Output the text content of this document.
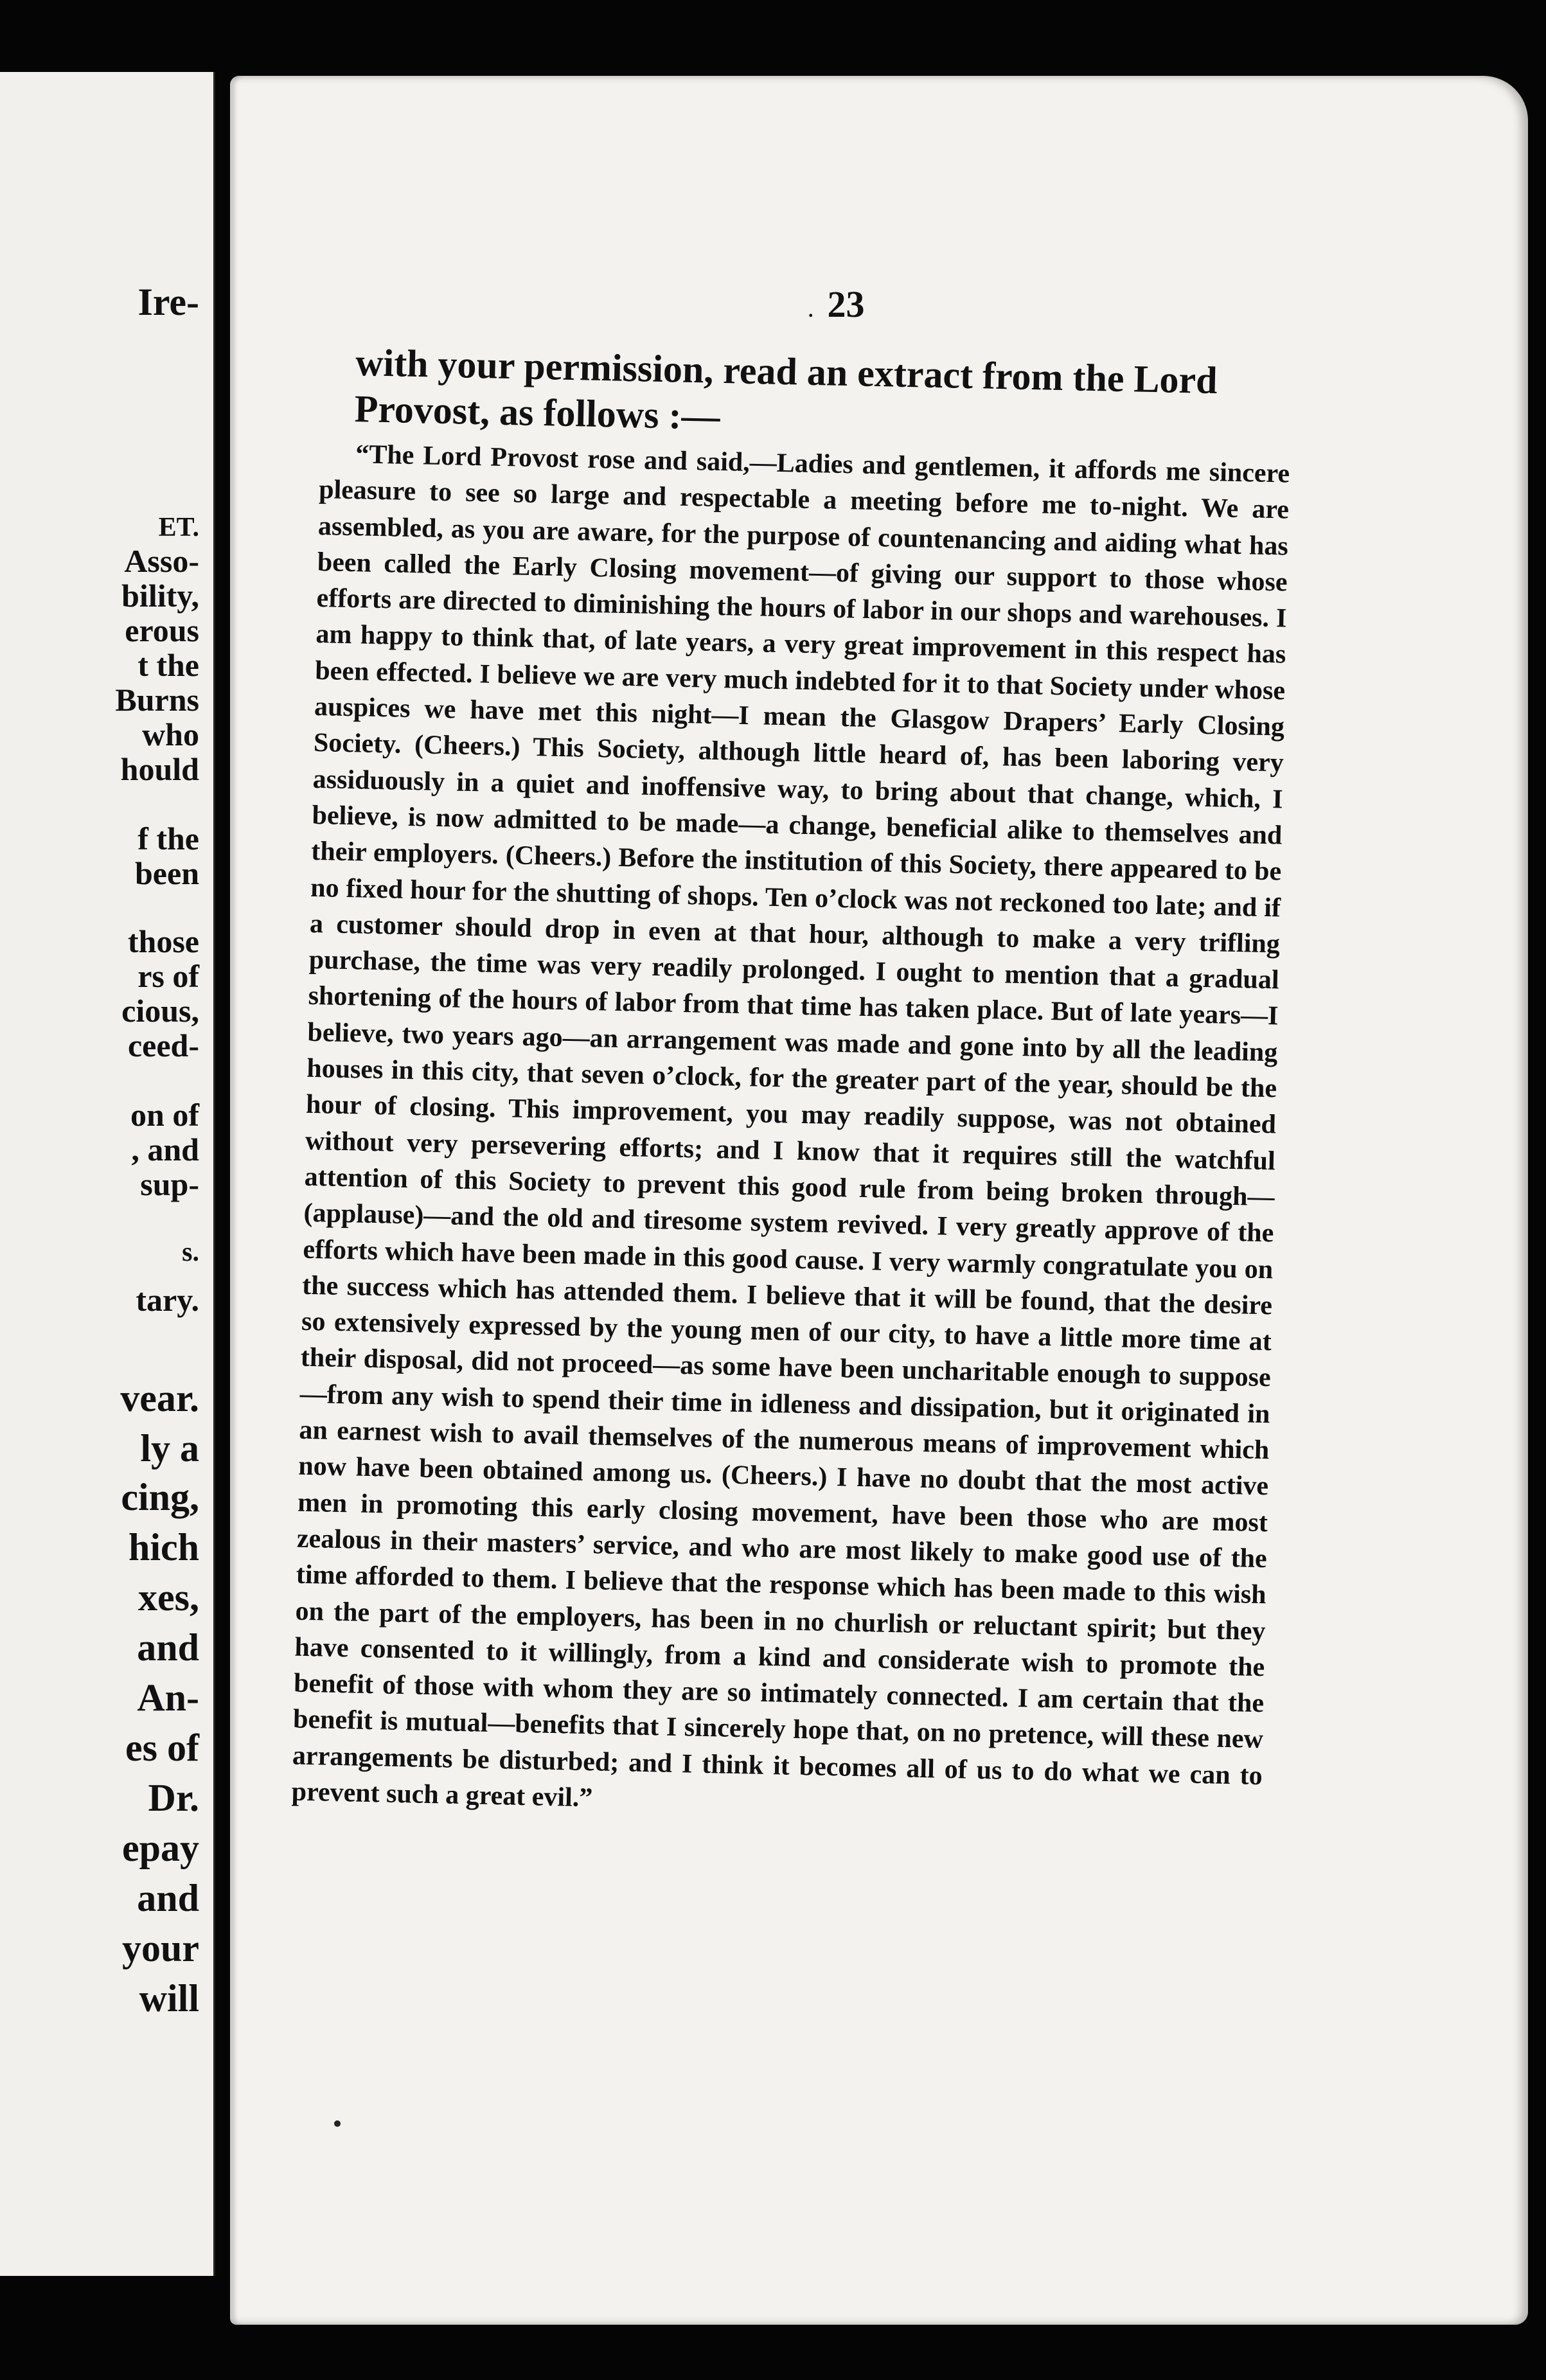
Ire-
ET.
Asso-
bility,
erous
t the
Burns
who
hould
f the
been
those
rs of
cious,
ceed-
on of
, and
sup-
s.
tary.
vear.
ly a
cing,
hich
xes,
and
An-
es of
Dr.
epay
and
your
will
. 23
with your permission, read an extract from the Lord Provost, as follows :—
“The Lord Provost rose and said,—Ladies and gentlemen, it affords me sincere pleasure to see so large and respectable a meeting before me to-night. We are assembled, as you are aware, for the purpose of countenancing and aiding what has been called the Early Closing movement—of giving our support to those whose efforts are directed to diminishing the hours of labor in our shops and warehouses. I am happy to think that, of late years, a very great improvement in this respect has been effected. I believe we are very much indebted for it to that Society under whose auspices we have met this night—I mean the Glasgow Drapers’ Early Closing Society. (Cheers.) This Society, although little heard of, has been laboring very assiduously in a quiet and inoffensive way, to bring about that change, which, I believe, is now admitted to be made—a change, beneficial alike to themselves and their employers. (Cheers.) Before the institution of this Society, there appeared to be no fixed hour for the shutting of shops. Ten o’clock was not reckoned too late; and if a customer should drop in even at that hour, although to make a very trifling purchase, the time was very readily prolonged. I ought to mention that a gradual shortening of the hours of labor from that time has taken place. But of late years—I believe, two years ago—an arrangement was made and gone into by all the leading houses in this city, that seven o’clock, for the greater part of the year, should be the hour of closing. This improvement, you may readily suppose, was not obtained without very persevering efforts; and I know that it requires still the watchful attention of this Society to prevent this good rule from being broken through—(applause)—and the old and tiresome system revived. I very greatly approve of the efforts which have been made in this good cause. I very warmly congratulate you on the success which has attended them. I believe that it will be found, that the desire so extensively expressed by the young men of our city, to have a little more time at their disposal, did not proceed—as some have been uncharitable enough to suppose—from any wish to spend their time in idleness and dissipation, but it originated in an earnest wish to avail themselves of the numerous means of improvement which now have been obtained among us. (Cheers.) I have no doubt that the most active men in promoting this early closing movement, have been those who are most zealous in their masters’ service, and who are most likely to make good use of the time afforded to them. I believe that the response which has been made to this wish on the part of the employers, has been in no churlish or reluctant spirit; but they have consented to it willingly, from a kind and considerate wish to promote the benefit of those with whom they are so intimately connected. I am certain that the benefit is mutual—benefits that I sincerely hope that, on no pretence, will these new arrangements be disturbed; and I think it becomes all of us to do what we can to prevent such a great evil.”
